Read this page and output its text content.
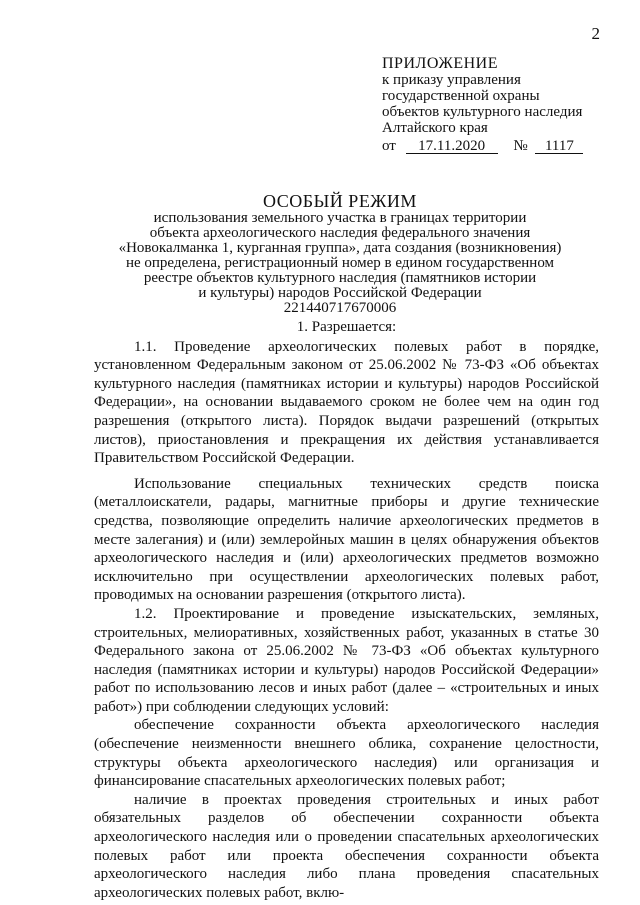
2
ПРИЛОЖЕНИЕ
к приказу управления
государственной охраны
объектов культурного наследия
Алтайского края
от 17.11.2020 № 1117
ОСОБЫЙ РЕЖИМ
использования земельного участка в границах территории
объекта археологического наследия федерального значения
«Новокалманка 1, курганная группа», дата создания (возникновения)
не определена, регистрационный номер в едином государственном
реестре объектов культурного наследия (памятников истории
и культуры) народов Российской Федерации
221440717670006

1. Разрешается:

1.1. Проведение археологических полевых работ в порядке, установленном Федеральным законом от 25.06.2002 № 73-ФЗ «Об объектах культурного наследия (памятниках истории и культуры) народов Российской Федерации», на основании выдаваемого сроком не более чем на один год разрешения (открытого листа). Порядок выдачи разрешений (открытых листов), приостановления и прекращения их действия устанавливается Правительством Российской Федерации.

Использование специальных технических средств поиска (металлоискатели, радары, магнитные приборы и другие технические средства, позволяющие определить наличие археологических предметов в месте залегания) и (или) землеройных машин в целях обнаружения объектов археологического наследия и (или) археологических предметов возможно исключительно при осуществлении археологических полевых работ, проводимых на основании разрешения (открытого листа).

1.2. Проектирование и проведение изыскательских, земляных, строительных, мелиоративных, хозяйственных работ, указанных в статье 30 Федерального закона от 25.06.2002 № 73-ФЗ «Об объектах культурного наследия (памятниках истории и культуры) народов Российской Федерации» работ по использованию лесов и иных работ (далее – «строительных и иных работ») при соблюдении следующих условий:

обеспечение сохранности объекта археологического наследия (обеспечение неизменности внешнего облика, сохранение целостности, структуры объекта археологического наследия) или организация и финансирование спасательных археологических полевых работ;

наличие в проектах проведения строительных и иных работ обязательных разделов об обеспечении сохранности объекта археологического наследия или о проведении спасательных археологических полевых работ или проекта обеспечения сохранности объекта археологического наследия либо плана проведения спасательных археологических полевых работ, вклю-
